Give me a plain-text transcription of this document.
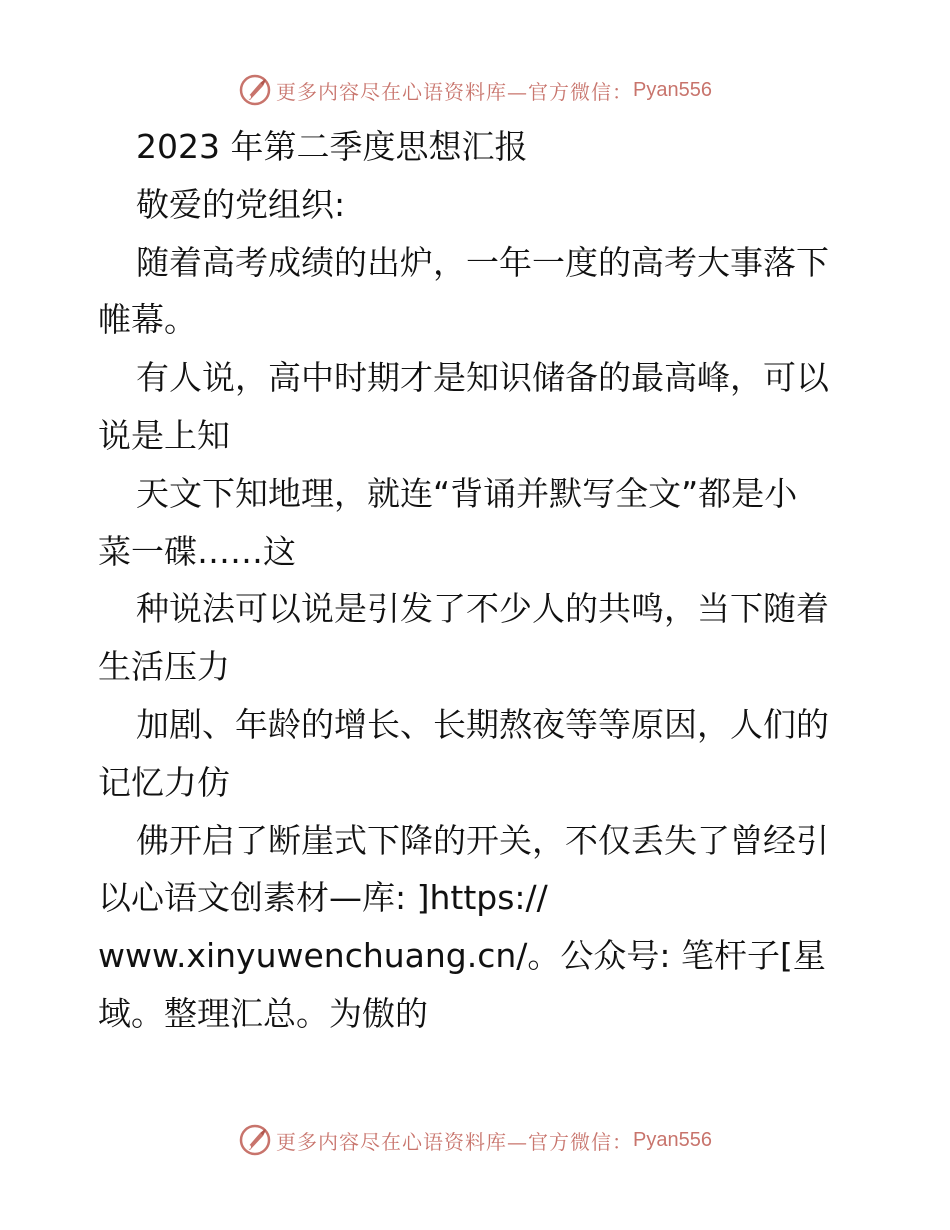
更多内容尽在心语资料库—官方微信： Pyan556
2023 年第二季度思想汇报
敬爱的党组织:
随着高考成绩的出炉，一年一度的高考大事落下
帷幕。
有人说，高中时期才是知识储备的最高峰，可以
说是上知
天文下知地理，就连“背诵并默写全文”都是小
菜一碟……这
种说法可以说是引发了不少人的共鸣，当下随着
生活压力
加剧、年龄的增长、长期熬夜等等原因，人们的
记忆力仿
佛开启了断崖式下降的开关，不仅丢失了曾经引
以心语文创素材—库: ]https://
www.xinyuwenchuang.cn/。公众号: 笔杆子[星
域。整理汇总。为傲的
更多内容尽在心语资料库—官方微信： Pyan556
